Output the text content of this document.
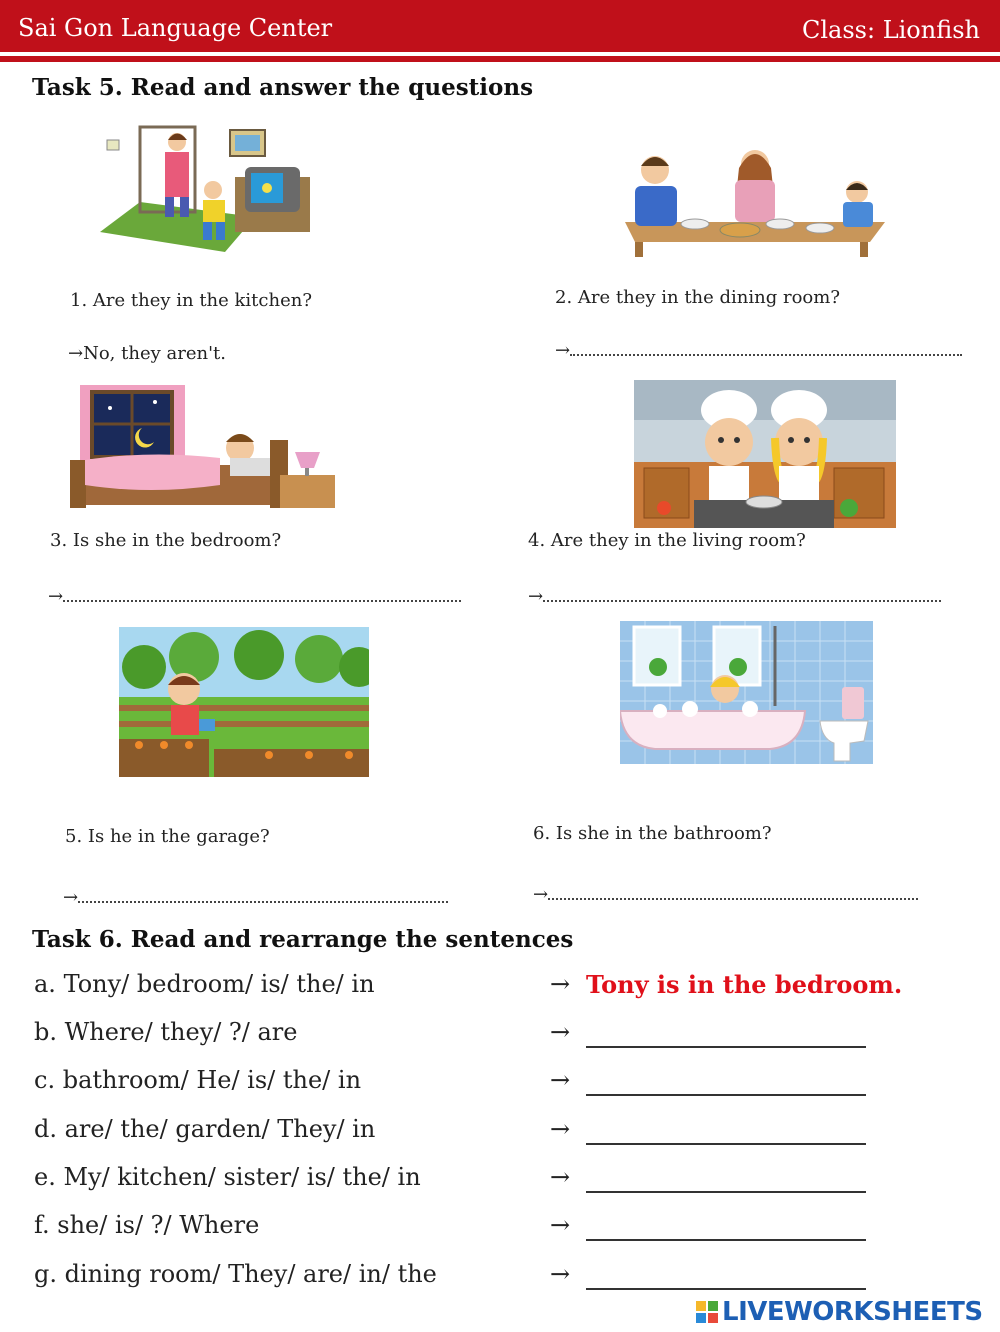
Sai Gon Language Center	Class: Lionfish
Task 5. Read and answer the questions
1. Are they in the kitchen?	2. Are they in the dining room?
→No, they aren't.	→
3. Is she in the bedroom?	4. Are they in the living room?
→	→
5. Is he in the garage?	6. Is she in the bathroom?
→	→
Task 6. Read and rearrange the sentences
a. Tony/ bedroom/ is/ the/ in	→ Tony is in the bedroom.
b. Where/ they/ ?/ are	→
c. bathroom/ He/ is/ the/ in	→
d. are/ the/ garden/ They/ in	→
e. My/ kitchen/ sister/ is/ the/ in	→
f. she/ is/ ?/ Where	→
g. dining room/ They/ are/ in/ the	→
LIVEWORKSHEETS
